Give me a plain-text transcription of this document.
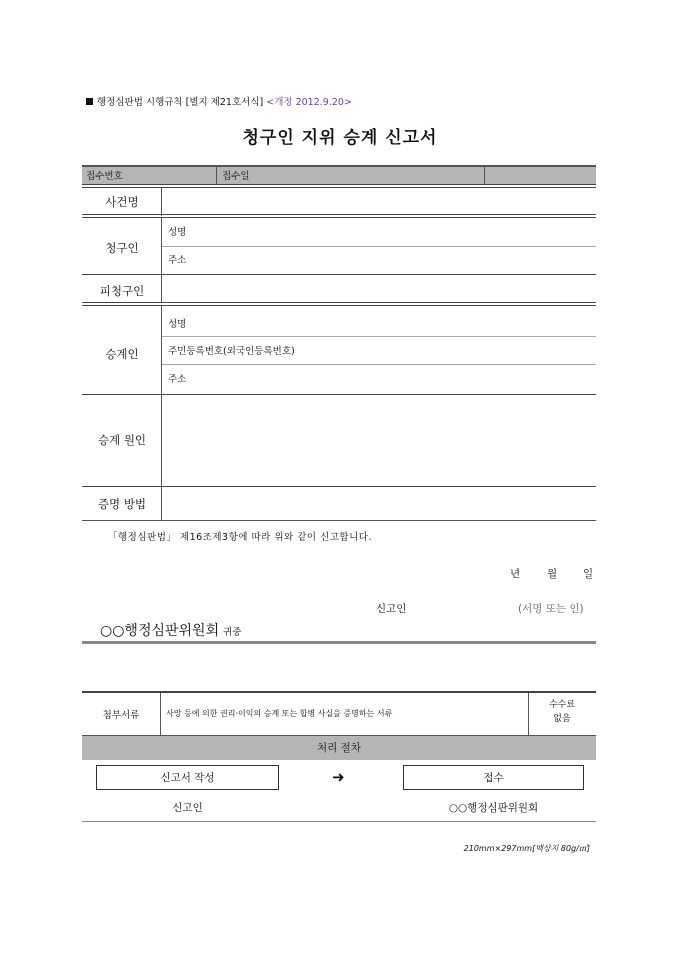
행정심판법 시행규칙 [별지 제21호서식] <개정 2012.9.20>
청구인 지위 승계 신고서
접수번호	접수일
사건명
청구인
성명
주소
피청구인
승계인
성명
주민등록번호(외국인등록번호)
주소
승계 원인
증명 방법
「행정심판법」 제16조제3항에 따라 위와 같이 신고합니다.
년	월 일
신고인	(서명 또는 인)
○○행정심판위원회 귀중
첨부서류	사망 등에 의한 권리·이익의 승계 또는 합병 사실을 증명하는 서류
수수료
없음
처리 절차
신고서 작성	➜	접수
신고인	○○행정심판위원회
210mm×297mm[백상지 80g/㎡]
